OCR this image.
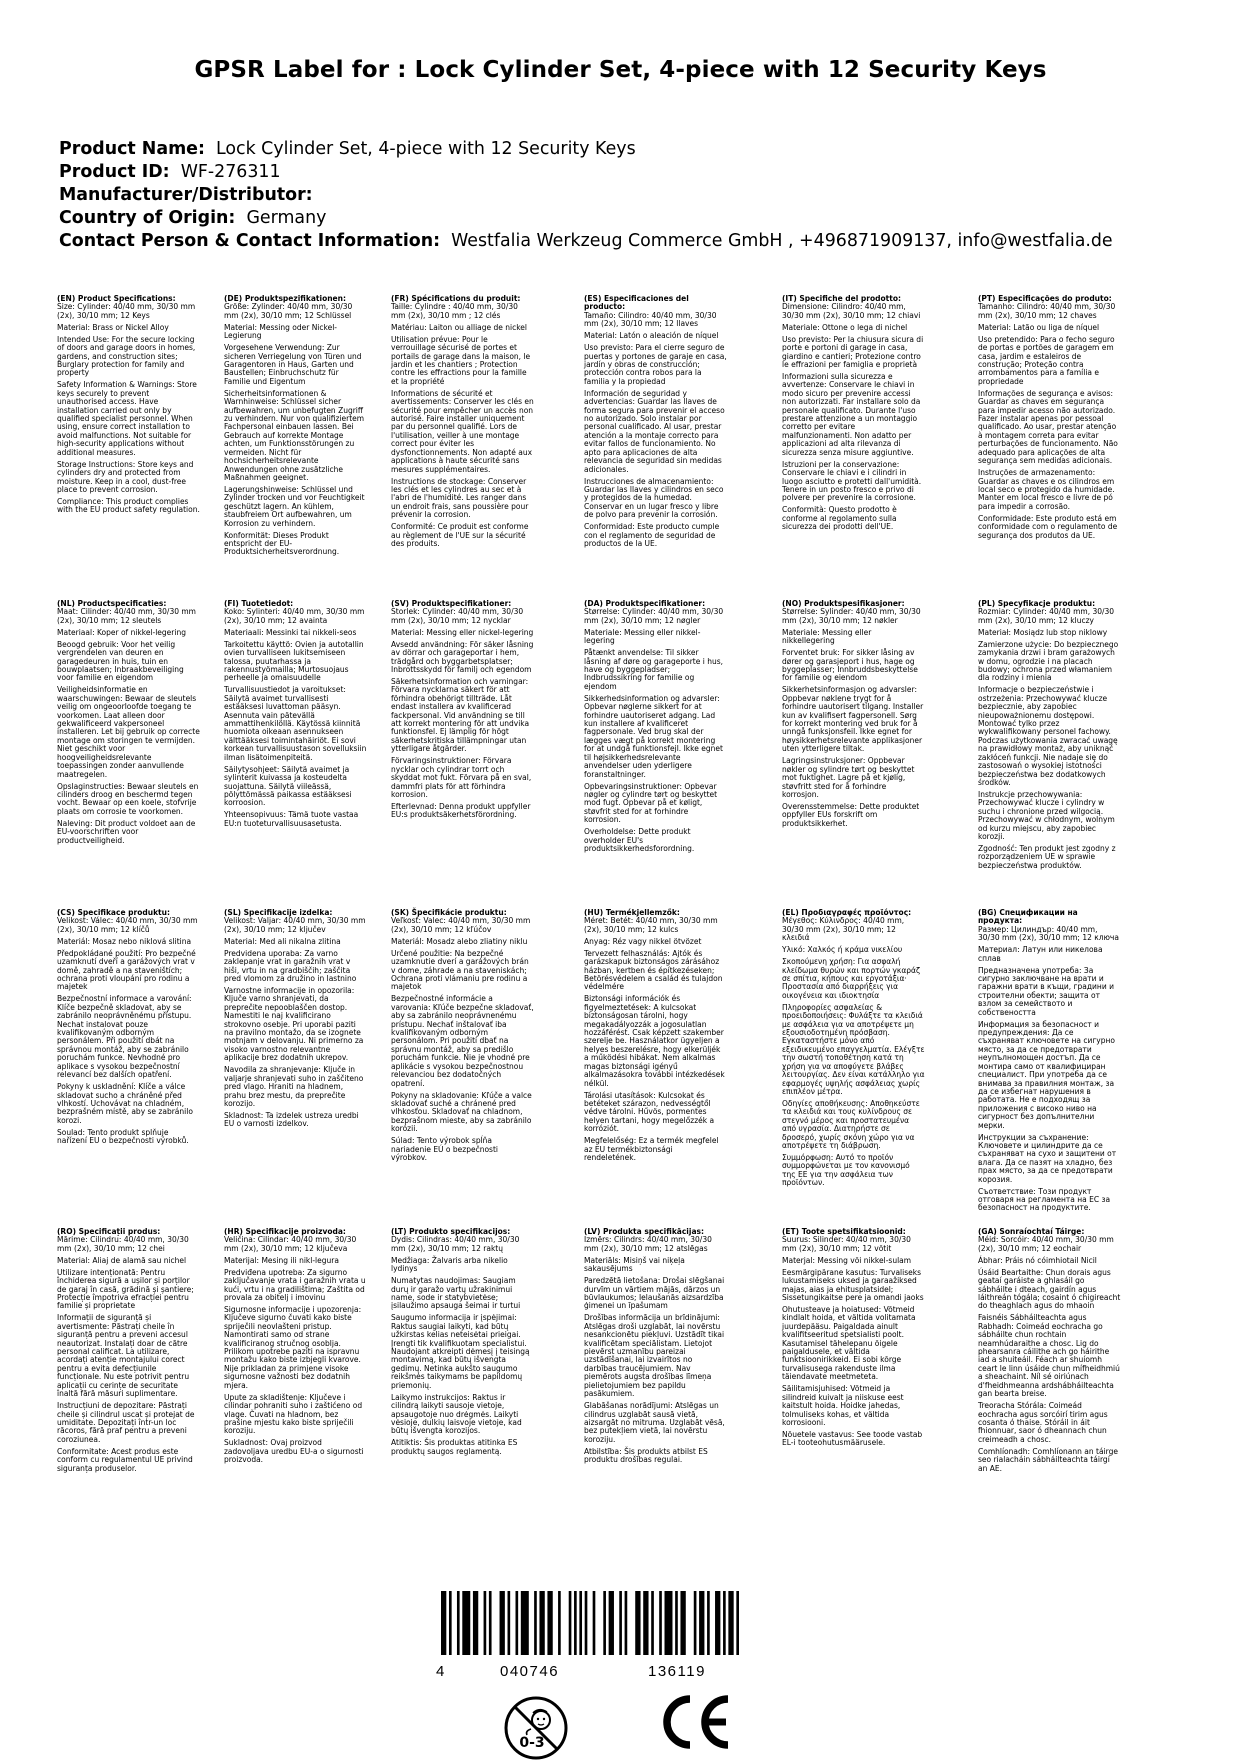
GPSR Label for : Lock Cylinder Set, 4-piece with 12 Security Keys
Product Name: Lock Cylinder Set, 4-piece with 12 Security Keys
Product ID: WF-276311
Manufacturer/Distributor:
Country of Origin: Germany
Contact Person & Contact Information: Westfalia Werkzeug Commerce GmbH , +496871909137, info@westfalia.de
(EN) Product Specifications:

Size: Cylinder: 40/40 mm, 30/30 mm (2x), 30/10 mm; 12 Keys

Material: Brass or Nickel Alloy

Intended Use: For the secure locking of doors and garage doors in homes, gardens, and construction sites; Burglary protection for family and property

Safety Information & Warnings: Store keys securely to prevent unauthorised access. Have installation carried out only by qualified specialist personnel. When using, ensure correct installation to avoid malfunctions. Not suitable for high-security applications without additional measures.

Storage Instructions: Store keys and cylinders dry and protected from moisture. Keep in a cool, dust-free place to prevent corrosion.

Compliance: This product complies with the EU product safety regulation.

(DE) Produktspezifikationen:

Größe: Zylinder: 40/40 mm, 30/30 mm (2x), 30/10 mm; 12 Schlüssel

Material: Messing oder Nickel-Legierung

Vorgesehene Verwendung: Zur sicheren Verriegelung von Türen und Garagentoren in Haus, Garten und Baustellen; Einbruchschutz für Familie und Eigentum

Sicherheitsinformationen & Warnhinweise: Schlüssel sicher aufbewahren, um unbefugten Zugriff zu verhindern. Nur von qualifiziertem Fachpersonal einbauen lassen. Bei Gebrauch auf korrekte Montage achten, um Funktionsstörungen zu vermeiden. Nicht für hochsicherheitsrelevante Anwendungen ohne zusätzliche Maßnahmen geeignet.

Lagerungshinweise: Schlüssel und Zylinder trocken und vor Feuchtigkeit geschützt lagern. An kühlem, staubfreiem Ort aufbewahren, um Korrosion zu verhindern.

Konformität: Dieses Produkt entspricht der EU-Produktsicherheitsverordnung.

(FR) Spécifications du produit:

Taille: Cylindre : 40/40 mm, 30/30 mm (2x), 30/10 mm ; 12 clés

Matériau: Laiton ou alliage de nickel

Utilisation prévue: Pour le verrouillage sécurisé de portes et portails de garage dans la maison, le jardin et les chantiers ; Protection contre les effractions pour la famille et la propriété

Informations de sécurité et avertissements: Conserver les clés en sécurité pour empêcher un accès non autorisé. Faire installer uniquement par du personnel qualifié. Lors de l'utilisation, veiller à une montage correct pour éviter les dysfonctionnements. Non adapté aux applications à haute sécurité sans mesures supplémentaires.

Instructions de stockage: Conserver les clés et les cylindres au sec et à l'abri de l'humidité. Les ranger dans un endroit frais, sans poussière pour prévenir la corrosion.

Conformité: Ce produit est conforme au règlement de l'UE sur la sécurité des produits.

(ES) Especificaciones del producto:

Tamaño: Cilindro: 40/40 mm, 30/30 mm (2x), 30/10 mm; 12 llaves

Material: Latón o aleación de níquel

Uso previsto: Para el cierre seguro de puertas y portones de garaje en casa, jardín y obras de construcción; protección contra robos para la familia y la propiedad

Información de seguridad y advertencias: Guardar las llaves de forma segura para prevenir el acceso no autorizado. Solo instalar por personal cualificado. Al usar, prestar atención a la montaje correcto para evitar fallos de funcionamiento. No apto para aplicaciones de alta relevancia de seguridad sin medidas adicionales.

Instrucciones de almacenamiento: Guardar las llaves y cilindros en seco y protegidos de la humedad. Conservar en un lugar fresco y libre de polvo para prevenir la corrosión.

Conformidad: Este producto cumple con el reglamento de seguridad de productos de la UE.

(IT) Specifiche del prodotto:

Dimensione: Cilindro: 40/40 mm, 30/30 mm (2x), 30/10 mm; 12 chiavi

Materiale: Ottone o lega di nichel

Uso previsto: Per la chiusura sicura di porte e portoni di garage in casa, giardino e cantieri; Protezione contro le effrazioni per famiglia e proprietà

Informazioni sulla sicurezza e avvertenze: Conservare le chiavi in modo sicuro per prevenire accessi non autorizzati. Far installare solo da personale qualificato. Durante l'uso prestare attenzione a un montaggio corretto per evitare malfunzionamenti. Non adatto per applicazioni ad alta rilevanza di sicurezza senza misure aggiuntive.

Istruzioni per la conservazione: Conservare le chiavi e i cilindri in luogo asciutto e protetti dall'umidità. Tenere in un posto fresco e privo di polvere per prevenire la corrosione.

Conformità: Questo prodotto è conforme al regolamento sulla sicurezza dei prodotti dell'UE.

(PT) Especificações do produto:

Tamanho: Cilindro: 40/40 mm, 30/30 mm (2x), 30/10 mm; 12 chaves

Material: Latão ou liga de níquel

Uso pretendido: Para o fecho seguro de portas e portões de garagem em casa, jardim e estaleiros de construção; Proteção contra arrombamentos para a família e propriedade

Informações de segurança e avisos: Guardar as chaves em segurança para impedir acesso não autorizado. Fazer instalar apenas por pessoal qualificado. Ao usar, prestar atenção à montagem correta para evitar perturbações de funcionamento. Não adequado para aplicações de alta segurança sem medidas adicionais.

Instruções de armazenamento: Guardar as chaves e os cilindros em local seco e protegido da humidade. Manter em local fresco e livre de pó para impedir a corrosão.

Conformidade: Este produto está em conformidade com o regulamento de segurança dos produtos da UE.

(NL) Productspecificaties:

Maat: Cilinder: 40/40 mm, 30/30 mm (2x), 30/10 mm; 12 sleutels

Materiaal: Koper of nikkel-legering

Beoogd gebruik: Voor het veilig vergrendelen van deuren en garagedeuren in huis, tuin en bouwplaatsen; Inbraakbeveiliging voor familie en eigendom

Veiligheidsinformatie en waarschuwingen: Bewaar de sleutels veilig om ongeoorloofde toegang te voorkomen. Laat alleen door gekwalificeerd vakpersoneel installeren. Let bij gebruik op correcte montage om storingen te vermijden. Niet geschikt voor hoogveiligheidsrelevante toepassingen zonder aanvullende maatregelen.

Opslaginstructies: Bewaar sleutels en cilinders droog en beschermd tegen vocht. Bewaar op een koele, stofvrije plaats om corrosie te voorkomen.

Naleving: Dit product voldoet aan de EU-voorschriften voor productveiligheid.

(FI) Tuotetiedot:

Koko: Sylinteri: 40/40 mm, 30/30 mm (2x), 30/10 mm; 12 avainta

Materiaali: Messinki tai nikkeli-seos

Tarkoitettu käyttö: Ovien ja autotallin ovien turvalliseen lukitsemiseen talossa, puutarhassa ja rakennustyömailla; Murtosuojaus perheelle ja omaisuudelle

Turvallisuustiedot ja varoitukset: Säilytä avaimet turvallisesti estääksesi luvattoman pääsyn. Asennuta vain pätevällä ammattihenkilöllä. Käytössä kiinnitä huomiota oikeaan asennukseen välttääksesi toimintahäiriöt. Ei sovi korkean turvallisuustason sovelluksiin ilman lisätoimenpiteitä.

Säilytysohjeet: Säilytä avaimet ja sylinterit kuivassa ja kosteudelta suojattuna. Säilytä viileässä, pölyttömässä paikassa estääksesi korroosion.

Yhteensopivuus: Tämä tuote vastaa EU:n tuoteturvallisuusasetusta.

(SV) Produktspecifikationer:

Storlek: Cylinder: 40/40 mm, 30/30 mm (2x), 30/10 mm; 12 nycklar

Material: Messing eller nickel-legering

Avsedd användning: För säker låsning av dörrar och garageportar i hem, trädgård och byggarbetsplatser; Inbrottsskydd för familj och egendom

Säkerhetsinformation och varningar: Förvara nycklarna säkert för att förhindra obehörigt tillträde. Låt endast installera av kvalificerad fackpersonal. Vid användning se till att korrekt montering för att undvika funktionsfel. Ej lämplig för högt säkerhetskritiska tillämpningar utan ytterligare åtgärder.

Förvaringsinstruktioner: Förvara nycklar och cylindrar torrt och skyddat mot fukt. Förvara på en sval, dammfri plats för att förhindra korrosion.

Efterlevnad: Denna produkt uppfyller EU:s produktsäkerhetsförordning.

(DA) Produktspecifikationer:

Størrelse: Cylinder: 40/40 mm, 30/30 mm (2x), 30/10 mm; 12 nøgler

Materiale: Messing eller nikkel-legering

Påtænkt anvendelse: Til sikker låsning af døre og garageporte i hus, have og byggepladser; Indbrudssikring for familie og ejendom

Sikkerhedsinformation og advarsler: Opbevar nøglerne sikkert for at forhindre uautoriseret adgang. Lad kun installere af kvalificeret fagpersonale. Ved brug skal der lægges vægt på korrekt montering for at undgå funktionsfejl. Ikke egnet til højsikkerhedsrelevante anvendelser uden yderligere foranstaltninger.

Opbevaringsinstruktioner: Opbevar nøgler og cylindre tørt og beskyttet mod fugt. Opbevar på et køligt, støvfrit sted for at forhindre korrosion.

Overholdelse: Dette produkt overholder EU's produktsikkerhedsforordning.

(NO) Produktspesifikasjoner:

Størrelse: Sylinder: 40/40 mm, 30/30 mm (2x), 30/10 mm; 12 nøkler

Materiale: Messing eller nikkellegering

Forventet bruk: For sikker låsing av dører og garasjeport i hus, hage og byggeplasser; Innbruddsbeskyttelse for familie og eiendom

Sikkerhetsinformasjon og advarsler: Oppbevar nøklene trygt for å forhindre uautorisert tilgang. Installer kun av kvalifisert fagpersonell. Sørg for korrekt montering ved bruk for å unngå funksjonsfeil. Ikke egnet for høysikkerhetsrelevante applikasjoner uten ytterligere tiltak.

Lagringsinstruksjoner: Oppbevar nøkler og sylindre tørt og beskyttet mot fuktighet. Lagre på et kjølig, støvfritt sted for å forhindre korrosjon.

Overensstemmelse: Dette produktet oppfyller EUs forskrift om produktsikkerhet.

(PL) Specyfikacje produktu:

Rozmiar: Cylinder: 40/40 mm, 30/30 mm (2x), 30/10 mm; 12 kluczy

Materiał: Mosiądz lub stop niklowy

Zamierzone użycie: Do bezpiecznego zamykania drzwi i bram garażowych w domu, ogrodzie i na placach budowy; ochrona przed włamaniem dla rodziny i mienia

Informacje o bezpieczeństwie i ostrzeżenia: Przechowywać klucze bezpiecznie, aby zapobiec nieupoważnionemu dostępowi. Montować tylko przez wykwalifikowany personel fachowy. Podczas użytkowania zwracać uwagę na prawidłowy montaż, aby uniknąć zakłóceń funkcji. Nie nadaje się do zastosowań o wysokiej istotności bezpieczeństwa bez dodatkowych środków.

Instrukcje przechowywania: Przechowywać klucze i cylindry w suchu i chronione przed wilgocią. Przechowywać w chłodnym, wolnym od kurzu miejscu, aby zapobiec korozji.

Zgodność: Ten produkt jest zgodny z rozporządzeniem UE w sprawie bezpieczeństwa produktów.

(CS) Specifikace produktu:

Velikost: Válec: 40/40 mm, 30/30 mm (2x), 30/10 mm; 12 klíčů

Materiál: Mosaz nebo niklová slitina

Předpokládané použití: Pro bezpečné uzamknutí dveří a garážových vrat v domě, zahradě a na staveništích; ochrana proti vloupání pro rodinu a majetek

Bezpečnostní informace a varování: Klíče bezpečně skladovat, aby se zabránilo neoprávněnému přístupu. Nechat instalovat pouze kvalifikovaným odborným personálem. Při použití dbát na správnou montáž, aby se zabránilo poruchám funkce. Nevhodné pro aplikace s vysokou bezpečnostní relevancí bez dalších opatření.

Pokyny k uskladnění: Klíče a válce skladovat sucho a chráněné před vlhkostí. Uchovávat na chladném, bezprašném místě, aby se zabránilo korozi.

Soulad: Tento produkt splňuje nařízení EU o bezpečnosti výrobků.

(SL) Specifikacije izdelka:

Velikost: Valjar: 40/40 mm, 30/30 mm (2x), 30/10 mm; 12 ključev

Material: Med ali nikalna zlitina

Predvidena uporaba: Za varno zaklepanje vrat in garažnih vrat v hiši, vrtu in na gradbiščih; zaščita pred vlomom za družino in lastnino

Varnostne informacije in opozorila: Ključe varno shranjevati, da preprečite nepooblaščen dostop. Namestiti le naj kvalificirano strokovno osebje. Pri uporabi paziti na pravilno montažo, da se izognete motnjam v delovanju. Ni primerno za visoko varnostno relevantne aplikacije brez dodatnih ukrepov.

Navodila za shranjevanje: Ključe in valjarje shranjevati suho in zaščiteno pred vlago. Hraniti na hladnem, prahu brez mestu, da preprečite korozijo.

Skladnost: Ta izdelek ustreza uredbi EU o varnosti izdelkov.

(SK) Špecifikácie produktu:

Veľkosť: Valec: 40/40 mm, 30/30 mm (2x), 30/10 mm; 12 kľúčov

Materiál: Mosadz alebo zliatiny niklu

Určené použitie: Na bezpečné uzamknutie dverí a garážových brán v dome, záhrade a na staveniskách; Ochrana proti vlámaniu pre rodinu a majetok

Bezpečnostné informácie a varovania: Kľúče bezpečne skladovať, aby sa zabránilo neoprávnenému prístupu. Nechať inštalovať iba kvalifikovaným odborným personálom. Pri použití dbať na správnu montáž, aby sa predišlo poruchám funkcie. Nie je vhodné pre aplikácie s vysokou bezpečnostnou relevanciou bez dodatočných opatrení.

Pokyny na skladovanie: Kľúče a valce skladovať suché a chránené pred vlhkosťou. Skladovať na chladnom, bezprašnom mieste, aby sa zabránilo korózii.

Súlad: Tento výrobok spĺňa nariadenie EÚ o bezpečnosti výrobkov.

(HU) Termékjellemzők:

Méret: Betét: 40/40 mm, 30/30 mm (2x), 30/10 mm; 12 kulcs

Anyag: Réz vagy nikkel ötvözet

Tervezett felhasználás: Ajtók és garázskapuk biztonságos zárásához házban, kertben és építkezéseken; Betörésvédelem a család és tulajdon védelmére

Biztonsági információk és figyelmeztetések: A kulcsokat biztonságosan tárolni, hogy megakadályozzák a jogosulatlan hozzáférést. Csak képzett szakember szerelje be. Használatkor ügyeljen a helyes beszerelésre, hogy elkerüljék a működési hibákat. Nem alkalmas magas biztonsági igényű alkalmazásokra további intézkedések nélkül.

Tárolási utasítások: Kulcsokat és betéteket szárazon, nedvességtől védve tárolni. Hűvös, pormentes helyen tartani, hogy megelőzzék a korróziót.

Megfelelőség: Ez a termék megfelel az EU termékbiztonsági rendeletének.

(EL) Προδιαγραφές προϊόντος:

Μέγεθος: Κύλινδρος: 40/40 mm, 30/30 mm (2x), 30/10 mm; 12 κλειδιά

Υλικό: Χαλκός ή κράμα νικελίου

Σκοπούμενη χρήση: Για ασφαλή κλείδωμα θυρών και πορτών γκαράζ σε σπίτια, κήπους και εργοτάξια· Προστασία από διαρρήξεις για οικογένεια και ιδιοκτησία

Πληροφορίες ασφαλείας & προειδοποιήσεις: Φυλάξτε τα κλειδιά με ασφάλεια για να αποτρέψετε μη εξουσιοδοτημένη πρόσβαση. Εγκαταστήστε μόνο από εξειδικευμένο επαγγελματία. Ελέγξτε την σωστή τοποθέτηση κατά τη χρήση για να αποφύγετε βλάβες λειτουργίας. Δεν είναι κατάλληλο για εφαρμογές υψηλής ασφάλειας χωρίς επιπλέον μέτρα.

Οδηγίες αποθήκευσης: Αποθηκεύστε τα κλειδιά και τους κυλίνδρους σε στεγνό μέρος και προστατευμένα από υγρασία. Διατηρήστε σε δροσερό, χωρίς σκόνη χώρο για να αποτρέψετε τη διάβρωση.

Συμμόρφωση: Αυτό το προϊόν συμμορφώνεται με τον κανονισμό της ΕΕ για την ασφάλεια των προϊόντων.

(BG) Спецификации на продукта:

Размер: Цилиндър: 40/40 mm, 30/30 mm (2x), 30/10 mm; 12 ключа

Материал: Латун или никелова сплав

Предназначена употреба: За сигурно заключване на врати и гаражни врати в къщи, градини и строителни обекти; защита от взлом за семейството и собствеността

Информация за безопасност и предупреждения: Да се съхраняват ключовете на сигурно място, за да се предотврати неупълномощен достъп. Да се монтира само от квалифициран специалист. При употреба да се внимава за правилния монтаж, за да се избегнат нарушения в работата. Не е подходящ за приложения с високо ниво на сигурност без допълнителни мерки.

Инструкции за съхранение: Ключовете и цилиндрите да се съхраняват на сухо и защитени от влага. Да се пазят на хладно, без прах място, за да се предотврати корозия.

Съответствие: Този продукт отговаря на регламента на ЕС за безопасност на продуктите.

(RO) Specificații produs:

Mărime: Cilindru: 40/40 mm, 30/30 mm (2x), 30/10 mm; 12 chei

Material: Aliaj de alamă sau nichel

Utilizare intenționată: Pentru închiderea sigură a ușilor și porților de garaj în casă, grădină și șantiere; Protecție împotriva efracției pentru familie și proprietate

Informații de siguranță și avertismente: Păstrați cheile în siguranță pentru a preveni accesul neautorizat. Instalați doar de către personal calificat. La utilizare, acordați atenție montajului corect pentru a evita defecțiunile funcționale. Nu este potrivit pentru aplicații cu cerințe de securitate înaltă fără măsuri suplimentare.

Instrucțiuni de depozitare: Păstrați cheile și cilindrul uscat și protejat de umiditate. Depozitați într-un loc răcoros, fără praf pentru a preveni coroziunea.

Conformitate: Acest produs este conform cu regulamentul UE privind siguranța produselor.

(HR) Specifikacije proizvoda:

Veličina: Cilindar: 40/40 mm, 30/30 mm (2x), 30/10 mm; 12 ključeva

Materijal: Mesing ili nikl-legura

Predviđena upotreba: Za sigurno zaključavanje vrata i garažnih vrata u kući, vrtu i na gradilištima; Zaštita od provala za obitelj i imovinu

Sigurnosne informacije i upozorenja: Ključeve sigurno čuvati kako biste spriječili neovlašteni pristup. Namontirati samo od strane kvalificiranog stručnog osoblja. Prilikom upotrebe paziti na ispravnu montažu kako biste izbjegli kvarove. Nije prikladan za primjene visoke sigurnosne važnosti bez dodatnih mjera.

Upute za skladištenje: Ključeve i cilindar pohraniti suho i zaštićeno od vlage. Čuvati na hladnom, bez prašine mjestu kako biste spriječili koroziju.

Sukladnost: Ovaj proizvod zadovoljava uredbu EU-a o sigurnosti proizvoda.

(LT) Produkto specifikacijos:

Dydis: Cilindras: 40/40 mm, 30/30 mm (2x), 30/10 mm; 12 raktų

Medžiaga: Žalvaris arba nikelio lydinys

Numatytas naudojimas: Saugiam durų ir garažo vartų užrakinimui name, sode ir statybvietėse; įsilaužimo apsauga šeimai ir turtui

Saugumo informacija ir įspėjimai: Raktus saugiai laikyti, kad būtų užkirstas kelias neteisėtai prieigai. Įrengti tik kvalifikuotam specialistui. Naudojant atkreipti dėmesį į teisingą montavimą, kad būtų išvengta gedimų. Netinka aukšto saugumo reikšmės taikymams be papildomų priemonių.

Laikymo instrukcijos: Raktus ir cilindrą laikyti sausoje vietoje, apsaugotoje nuo drėgmės. Laikyti vėsioje, dulkių laisvoje vietoje, kad būtų išvengta korozijos.

Atitiktis: Šis produktas atitinka ES produktų saugos reglamentą.

(LV) Produkta specifikācijas:

Izmērs: Cilindrs: 40/40 mm, 30/30 mm (2x), 30/10 mm; 12 atslēgas

Materiāls: Misiņš vai niķeļa sakausējums

Paredzētā lietošana: Drošai slēgšanai durvīm un vārtiem mājās, dārzos un būvlaukumos; Ielaušanās aizsardzība ģimenei un īpašumam

Drošības informācija un brīdinājumi: Atslēgas droši uzglabāt, lai novērstu nesankcionētu piekļuvi. Uzstādīt tikai kvalificētam speciālistam. Lietojot pievērst uzmanību pareizai uzstādīšanai, lai izvairītos no darbības traucējumiem. Nav piemērots augsta drošības līmeņa pielietojumiem bez papildu pasākumiem.

Glabāšanas norādījumi: Atslēgas un cilindrus uzglabāt sausā vietā, aizsargāt no mitruma. Uzglabāt vēsā, bez putekļiem vietā, lai novērstu koroziju.

Atbilstība: Šis produkts atbilst ES produktu drošības regulai.

(ET) Toote spetsifikatsioonid:

Suurus: Silinder: 40/40 mm, 30/30 mm (2x), 30/10 mm; 12 võtit

Materjal: Messing või nikkel-sulam

Eesmärgipärane kasutus: Turvaliseks lukustamiseks uksed ja garaažiksed majas, aias ja ehitusplatsidel; Sissetungikaitse pere ja omandi jaoks

Ohutusteave ja hoiatused: Võtmeid kindlalt hoida, et vältida volitamata juurdepääsu. Paigaldada ainult kvalifitseeritud spetsialisti poolt. Kasutamisel tähelepanu õigele paigaldusele, et vältida funktsioonirikkeid. Ei sobi kõrge turvalisusega rakenduste ilma täiendavate meetmeteta.

Säilitamisjuhised: Võtmeid ja silindreid kuivalt ja niiskuse eest kaitstult hoida. Hoidke jahedas, tolmuliseks kohas, et vältida korrosiooni.

Nõuetele vastavus: See toode vastab EL-i tooteohutusmäärusele.

(GA) Sonraíochtaí Táirge:

Méid: Sorcóir: 40/40 mm, 30/30 mm (2x), 30/10 mm; 12 eochair

Ábhar: Práis nó cóimhiotail Nicil

Úsáid Beartaithe: Chun dorais agus geataí garáiste a ghlasáil go sábháilte i dteach, gairdín agus láithreán tógála; cosaint ó chigireacht do theaghlach agus do mhaoin

Faisnéis Sábháilteachta agus Rabhadh: Coimeád eochracha go sábháilte chun rochtain neamhúdaraithe a chosc. Lig do phearsanra cáilithe ach go háirithe iad a shuiteáil. Féach ar shuíomh ceart le linn úsáide chun mífheidhmiú a sheachaint. Níl sé oiriúnach d'fheidhmeanna ardshábháilteachta gan bearta breise.

Treoracha Stórála: Coimeád eochracha agus sorcóirí tirim agus cosanta ó thaise. Stóráil in áit fhionnuar, saor ó dheannach chun creimeadh a chosc.

Comhlíonadh: Comhlíonann an táirge seo rialacháin sábháilteachta táirgí an AE.

4	040746	136119
0-3
